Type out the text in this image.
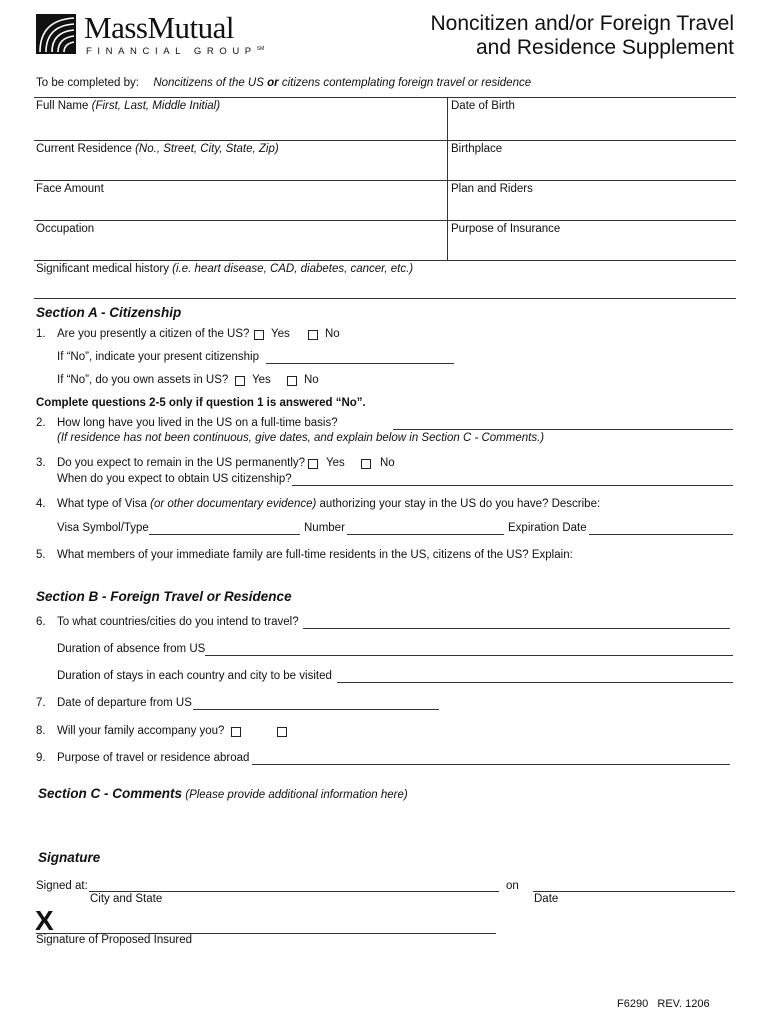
MassMutual
FINANCIAL GROUP℠
Noncitizen and/or Foreign Travel
and Residence Supplement
To be completed by: Noncitizens of the US or citizens contemplating foreign travel or residence
Full Name (First, Last, Middle Initial)	Date of Birth
Current Residence (No., Street, City, State, Zip)	Birthplace
Face Amount	Plan and Riders
Occupation	Purpose of Insurance
Significant medical history (i.e. heart disease, CAD, diabetes, cancer, etc.)
Section A - Citizenship
1. Are you presently a citizen of the US? Yes	No
If “No”, indicate your present citizenship
If “No”, do you own assets in US? Yes	No
Complete questions 2-5 only if question 1 is answered “No”.
2. How long have you lived in the US on a full-time basis?
(If residence has not been continuous, give dates, and explain below in Section C - Comments.)
3. Do you expect to remain in the US permanently? Yes	No
When do you expect to obtain US citizenship?
4. What type of Visa (or other documentary evidence) authorizing your stay in the US do you have? Describe:
Visa Symbol/Type	Number	Expiration Date
5. What members of your immediate family are full-time residents in the US, citizens of the US? Explain:
Section B - Foreign Travel or Residence
6. To what countries/cities do you intend to travel?
Duration of absence from US
Duration of stays in each country and city to be visited
7. Date of departure from US
8. Will your family accompany you?
9. Purpose of travel or residence abroad
Section C - Comments (Please provide additional information here)
Signature
Signed at:	on
City and State	Date
X
Signature of Proposed Insured
F6290 REV. 1206
